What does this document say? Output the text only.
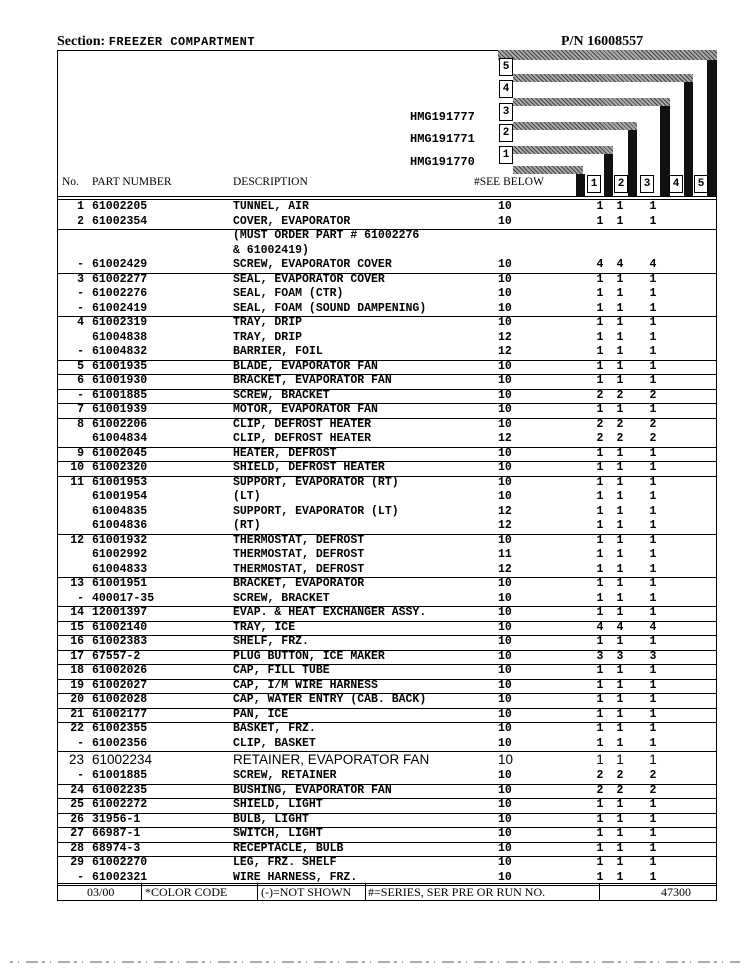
Section: FREEZER COMPARTMENT	P/N 16008557
5
4
3
2
1
HMG191777
HMG191771
HMG191770
No. PART NUMBER	DESCRIPTION	#SEE BELOW	1	2	3	4	5
1 61002205	TUNNEL, AIR	10	1 1 1
2 61002354	COVER, EVAPORATOR	10	1 1 1
(MUST ORDER PART # 61002276
& 61002419)
- 61002429	SCREW, EVAPORATOR COVER	10	4 4 4
3 61002277	SEAL, EVAPORATOR COVER	10	1 1 1
- 61002276	SEAL, FOAM (CTR)	10	1 1 1
- 61002419	SEAL, FOAM (SOUND DAMPENING)	10	1 1 1
4 61002319	TRAY, DRIP	10	1 1 1
61004838	TRAY, DRIP	12	1 1 1
- 61004832	BARRIER, FOIL	12	1 1 1
5 61001935	BLADE, EVAPORATOR FAN	10	1 1 1
6 61001930	BRACKET, EVAPORATOR FAN	10	1 1 1
- 61001885	SCREW, BRACKET	10	2 2 2
7 61001939	MOTOR, EVAPORATOR FAN	10	1 1 1
8 61002206	CLIP, DEFROST HEATER	10	2 2 2
61004834	CLIP, DEFROST HEATER	12	2 2 2
9 61002045	HEATER, DEFROST	10	1 1 1
10 61002320	SHIELD, DEFROST HEATER	10	1 1 1
11 61001953	SUPPORT, EVAPORATOR (RT)	10	1 1 1
61001954	(LT)	10	1 1 1
61004835	SUPPORT, EVAPORATOR (LT)	12	1 1 1
61004836	(RT)	12	1 1 1
12 61001932	THERMOSTAT, DEFROST	10	1 1 1
61002992	THERMOSTAT, DEFROST	11	1 1 1
61004833	THERMOSTAT, DEFROST	12	1 1 1
13 61001951	BRACKET, EVAPORATOR	10	1 1 1
- 400017-35	SCREW, BRACKET	10	1 1 1
14 12001397	EVAP. & HEAT EXCHANGER ASSY.	10	1 1 1
15 61002140	TRAY, ICE	10	4 4 4
16 61002383	SHELF, FRZ.	10	1 1 1
17 67557-2	PLUG BUTTON, ICE MAKER	10	3 3 3
18 61002026	CAP, FILL TUBE	10	1 1 1
19 61002027	CAP, I/M WIRE HARNESS	10	1 1 1
20 61002028	CAP, WATER ENTRY (CAB. BACK)	10	1 1 1
21 61002177	PAN, ICE	10	1 1 1
22 61002355	BASKET, FRZ.	10	1 1 1
- 61002356	CLIP, BASKET	10	1 1 1
23 61002234	RETAINER, EVAPORATOR FAN	10	1 1 1
- 61001885	SCREW, RETAINER	10	2 2 2
24 61002235	BUSHING, EVAPORATOR FAN	10	2 2 2
25 61002272	SHIELD, LIGHT	10	1 1 1
26 31956-1	BULB, LIGHT	10	1 1 1
27 66987-1	SWITCH, LIGHT	10	1 1 1
28 68974-3	RECEPTACLE, BULB	10	1 1 1
29 61002270	LEG, FRZ. SHELF	10	1 1 1
- 61002321	WIRE HARNESS, FRZ.	10	1 1 1
03/00	*COLOR CODE	(-)=NOT SHOWN #=SERIES, SER PRE OR RUN NO.	47300
